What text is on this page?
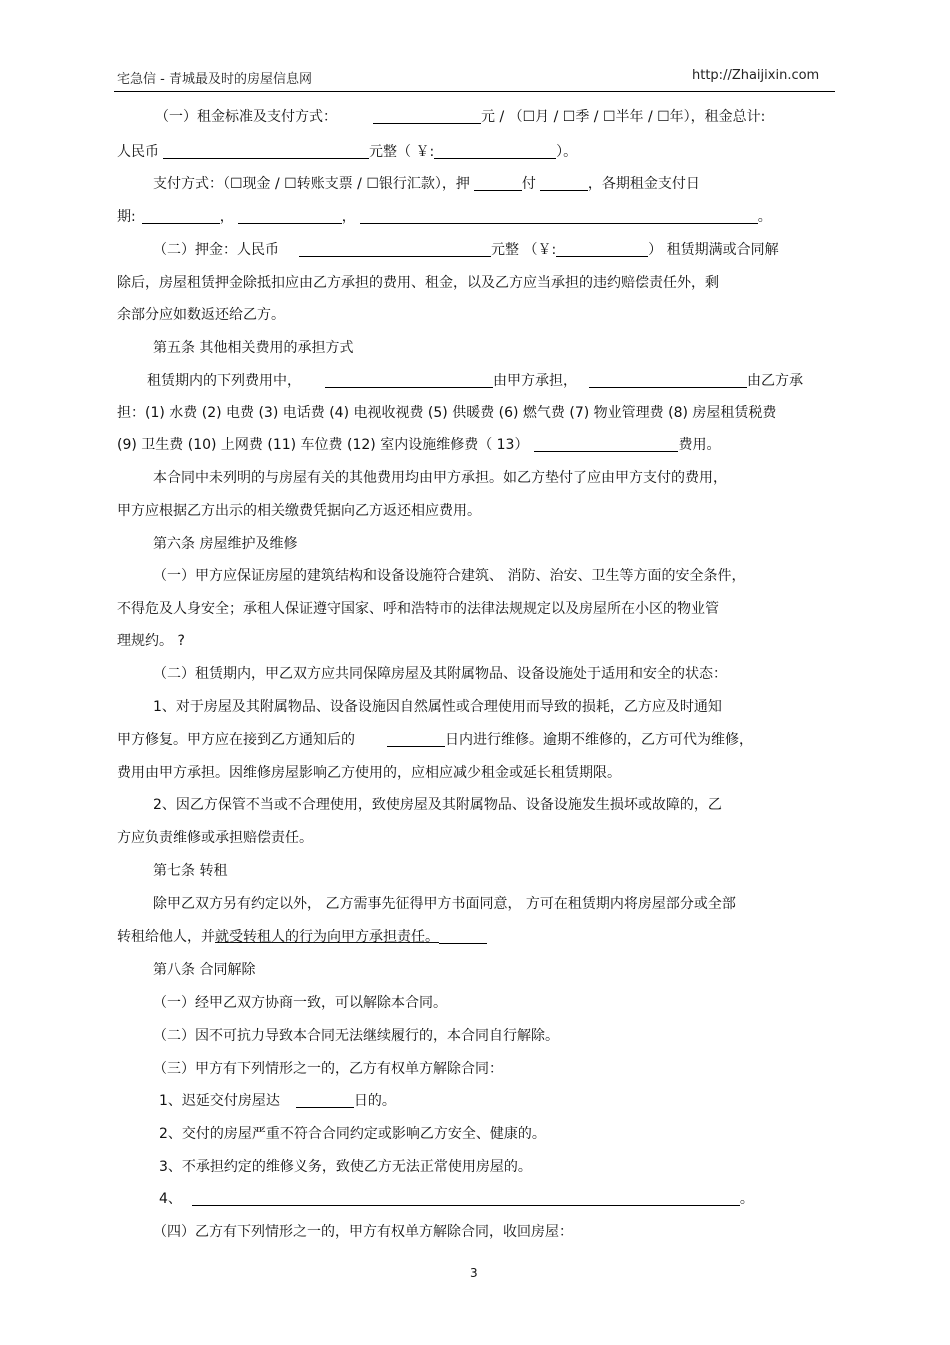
宅急信 - 青城最及时的房屋信息网	http://Zhaijixin.com
（一）租金标准及支付方式：	元 / （☐月 / ☐季 / ☐半年 / ☐年），租金总计:
人民币	元整（ ￥:	）。
支付方式：（☐现金 / ☐转账支票 / ☐银行汇款），押	付	，各期租金支付日
期:	，	，	。
（二）押金：人民币	元整 （￥:	） 租赁期满或合同解
除后，房屋租赁押金除抵扣应由乙方承担的费用、租金，以及乙方应当承担的违约赔偿责任外，剩
余部分应如数返还给乙方。
第五条 其他相关费用的承担方式
租赁期内的下列费用中，	由甲方承担，	由乙方承
担：(1) 水费 (2) 电费 (3) 电话费 (4) 电视收视费 (5) 供暖费 (6) 燃气费 (7) 物业管理费 (8) 房屋租赁税费
(9) 卫生费 (10) 上网费 (11) 车位费 (12) 室内设施维修费（ 13）	费用。
本合同中未列明的与房屋有关的其他费用均由甲方承担。如乙方垫付了应由甲方支付的费用，
甲方应根据乙方出示的相关缴费凭据向乙方返还相应费用。
第六条 房屋维护及维修
（一）甲方应保证房屋的建筑结构和设备设施符合建筑、 消防、治安、卫生等方面的安全条件，
不得危及人身安全；承租人保证遵守国家、呼和浩特市的法律法规规定以及房屋所在小区的物业管
理规约。 ?
（二）租赁期内，甲乙双方应共同保障房屋及其附属物品、设备设施处于适用和安全的状态：
1、对于房屋及其附属物品、设备设施因自然属性或合理使用而导致的损耗，乙方应及时通知
甲方修复。甲方应在接到乙方通知后的	日内进行维修。逾期不维修的，乙方可代为维修，
费用由甲方承担。因维修房屋影响乙方使用的，应相应减少租金或延长租赁期限。
2、因乙方保管不当或不合理使用，致使房屋及其附属物品、设备设施发生损坏或故障的，乙
方应负责维修或承担赔偿责任。
第七条 转租
除甲乙双方另有约定以外， 乙方需事先征得甲方书面同意， 方可在租赁期内将房屋部分或全部
转租给他人，并就受转租人的行为向甲方承担责任。
第八条 合同解除
（一）经甲乙双方协商一致，可以解除本合同。
（二）因不可抗力导致本合同无法继续履行的，本合同自行解除。
（三）甲方有下列情形之一的，乙方有权单方解除合同：
1、迟延交付房屋达	日的。
2、交付的房屋严重不符合合同约定或影响乙方安全、健康的。
3、不承担约定的维修义务，致使乙方无法正常使用房屋的。
4、	。
（四）乙方有下列情形之一的，甲方有权单方解除合同，收回房屋：
3
